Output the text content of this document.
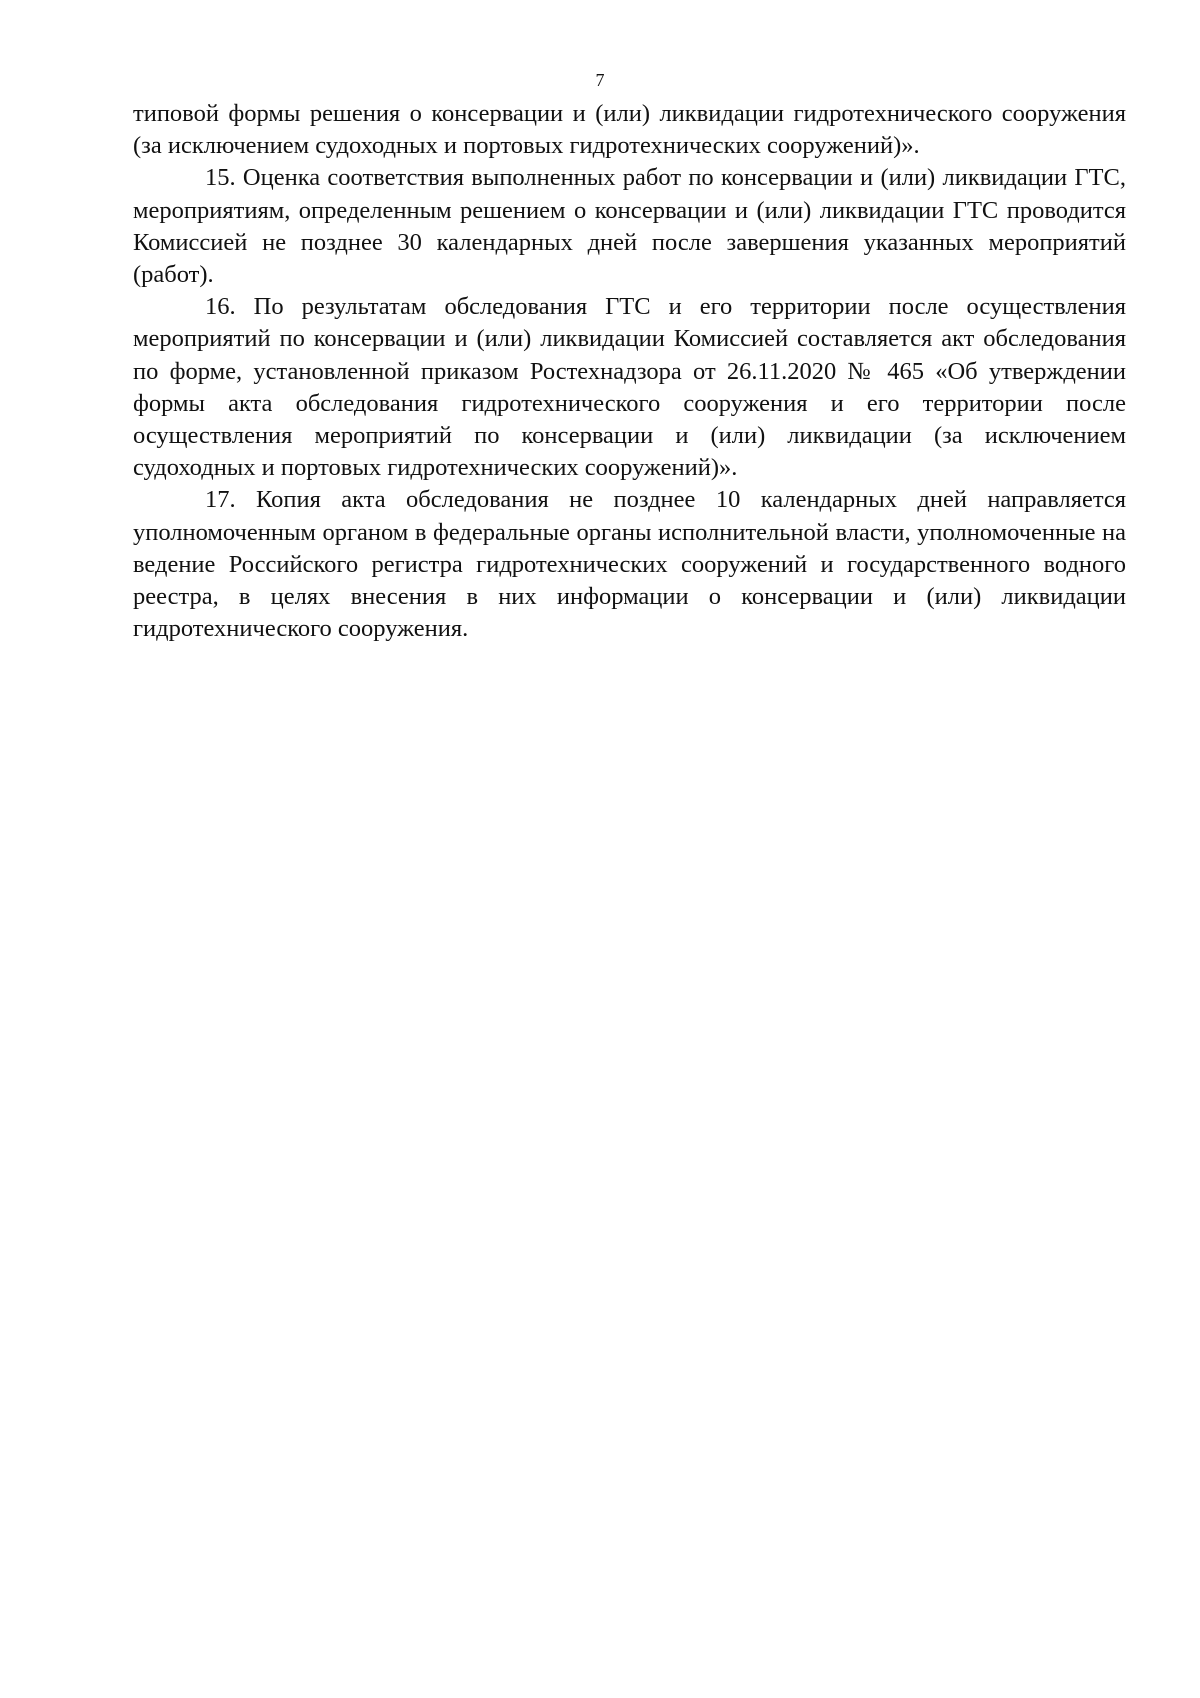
7

типовой формы решения о консервации и (или) ликвидации гидротехнического сооружения (за исключением судоходных и портовых гидротехнических сооружений)».

15. Оценка соответствия выполненных работ по консервации и (или) ликвидации ГТС, мероприятиям, определенным решением о консервации и (или) ликвидации ГТС проводится Комиссией не позднее 30 календарных дней после завершения указанных мероприятий (работ).

16. По результатам обследования ГТС и его территории после осуществления мероприятий по консервации и (или) ликвидации Комиссией составляется акт обследования по форме, установленной приказом Ростехнадзора от 26.11.2020 № 465 «Об утверждении формы акта обследования гидротехнического сооружения и его территории после осуществления мероприятий по консервации и (или) ликвидации (за исключением судоходных и портовых гидротехнических сооружений)».

17. Копия акта обследования не позднее 10 календарных дней направляется уполномоченным органом в федеральные органы исполнительной власти, уполномоченные на ведение Российского регистра гидротехнических сооружений и государственного водного реестра, в целях внесения в них информации о консервации и (или) ликвидации гидротехнического сооружения.
